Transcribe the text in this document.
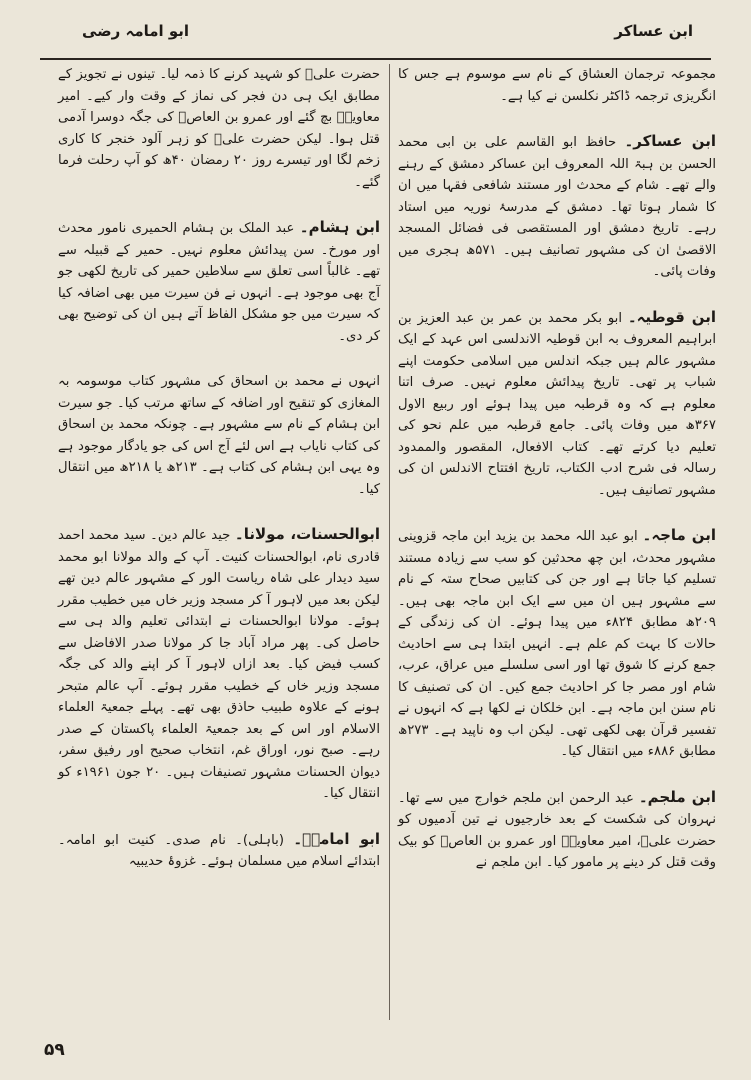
ابن عساکر
ابو امامہ رضی

مجموعہ ترجمان العشاق کے نام سے موسوم ہے جس کا انگریزی ترجمہ ڈاکٹر نکلسن نے کیا ہے۔

ابن عساکر۔ حافظ ابو القاسم علی بن ابی محمد الحسن بن ہبۃ اللہ المعروف ابن عساکر دمشق کے رہنے والے تھے۔ شام کے محدث اور مستند شافعی فقہا میں ان کا شمار ہوتا تھا۔ دمشق کے مدرسۂ نوریہ میں استاد رہے۔ تاریخ دمشق اور المستقصی فی فضائل المسجد الاقصیٰ ان کی مشہور تصانیف ہیں۔ ۵۷۱ھ ہجری میں وفات پائی۔

ابن قوطیہ۔ ابو بکر محمد بن عمر بن عبد العزیز بن ابراہیم المعروف بہ ابن قوطیہ الاندلسی اس عہد کے ایک مشہور عالم ہیں جبکہ اندلس میں اسلامی حکومت اپنے شباب پر تھی۔ تاریخ پیدائش معلوم نہیں۔ صرف اتنا معلوم ہے کہ وہ قرطبہ میں پیدا ہوئے اور ربیع الاول ۳۶۷ھ میں وفات پائی۔ جامع قرطبہ میں علم نحو کی تعلیم دیا کرتے تھے۔ کتاب الافعال، المقصور والممدود رسالہ فی شرح ادب الکتاب، تاریخ افتتاح الاندلس ان کی مشہور تصانیف ہیں۔

ابن ماجہ۔ ابو عبد اللہ محمد بن یزید ابن ماجہ قزوینی مشہور محدث، ابن چھ محدثین کو سب سے زیادہ مستند تسلیم کیا جاتا ہے اور جن کی کتابیں صحاح ستہ کے نام سے مشہور ہیں ان میں سے ایک ابن ماجہ بھی ہیں۔ ۲۰۹ھ مطابق ۸۲۴ء میں پیدا ہوئے۔ ان کی زندگی کے حالات کا بہت کم علم ہے۔ انہیں ابتدا ہی سے احادیث جمع کرنے کا شوق تھا اور اسی سلسلے میں عراق، عرب، شام اور مصر جا کر احادیث جمع کیں۔ ان کی تصنیف کا نام سنن ابن ماجہ ہے۔ ابن خلکان نے لکھا ہے کہ انہوں نے تفسیر قرآن بھی لکھی تھی۔ لیکن اب وہ ناپید ہے۔ ۲۷۳ھ مطابق ۸۸۶ء میں انتقال کیا۔

ابن ملجم۔ عبد الرحمن ابن ملجم خوارج میں سے تھا۔ نہروان کی شکست کے بعد خارجیوں نے تین آدمیوں کو حضرت علیؓ، امیر معاویہؓ اور عمرو بن العاصؓ کو بیک وقت قتل کر دینے پر مامور کیا۔ ابن ملجم نے

حضرت علیؓ کو شہید کرنے کا ذمہ لیا۔ تینوں نے تجویز کے مطابق ایک ہی دن فجر کی نماز کے وقت وار کیے۔ امیر معاویہؓ بچ گئے اور عمرو بن العاصؓ کی جگہ دوسرا آدمی قتل ہوا۔ لیکن حضرت علیؓ کو زہر آلود خنجر کا کاری زخم لگا اور تیسرے روز ۲۰ رمضان ۴۰ھ کو آپ رحلت فرما گئے۔

ابن ہشام۔ عبد الملک بن ہشام الحمیری نامور محدث اور مورخ۔ سن پیدائش معلوم نہیں۔ حمیر کے قبیلہ سے تھے۔ غالباً اسی تعلق سے سلاطین حمیر کی تاریخ لکھی جو آج بھی موجود ہے۔ انہوں نے فن سیرت میں بھی اضافہ کیا کہ سیرت میں جو مشکل الفاظ آتے ہیں ان کی توضیح بھی کر دی۔

انہوں نے محمد بن اسحاق کی مشہور کتاب موسومہ بہ المغازی کو تنقیح اور اضافہ کے ساتھ مرتب کیا۔ جو سیرت ابن ہشام کے نام سے مشہور ہے۔ چونکہ محمد بن اسحاق کی کتاب نایاب ہے اس لئے آج اس کی جو یادگار موجود ہے وہ یہی ابن ہشام کی کتاب ہے۔ ۲۱۳ھ یا ۲۱۸ھ میں انتقال کیا۔

ابوالحسنات، مولانا۔ جید عالم دین۔ سید محمد احمد قادری نام، ابوالحسنات کنیت۔ آپ کے والد مولانا ابو محمد سید دیدار علی شاہ ریاست الور کے مشہور عالم دین تھے لیکن بعد میں لاہور آ کر مسجد وزیر خاں میں خطیب مقرر ہوئے۔ مولانا ابوالحسنات نے ابتدائی تعلیم والد ہی سے حاصل کی۔ پھر مراد آباد جا کر مولانا صدر الافاضل سے کسب فیض کیا۔ بعد ازاں لاہور آ کر اپنے والد کی جگہ مسجد وزیر خاں کے خطیب مقرر ہوئے۔ آپ عالم متبحر ہونے کے علاوہ طبیب حاذق بھی تھے۔ پہلے جمعیۃ العلماء الاسلام اور اس کے بعد جمعیۃ العلماء پاکستان کے صدر رہے۔ صبح نور، اوراق غم، انتخاب صحیح اور رفیق سفر، دیوان الحسنات مشہور تصنیفات ہیں۔ ۲۰ جون ۱۹۶۱ء کو انتقال کیا۔

ابو امامہؓ۔ (باہلی)۔ نام صدی۔ کنیت ابو امامہ۔ ابتدائے اسلام میں مسلمان ہوئے۔ غزوۂ حدیبیہ

۵۹
